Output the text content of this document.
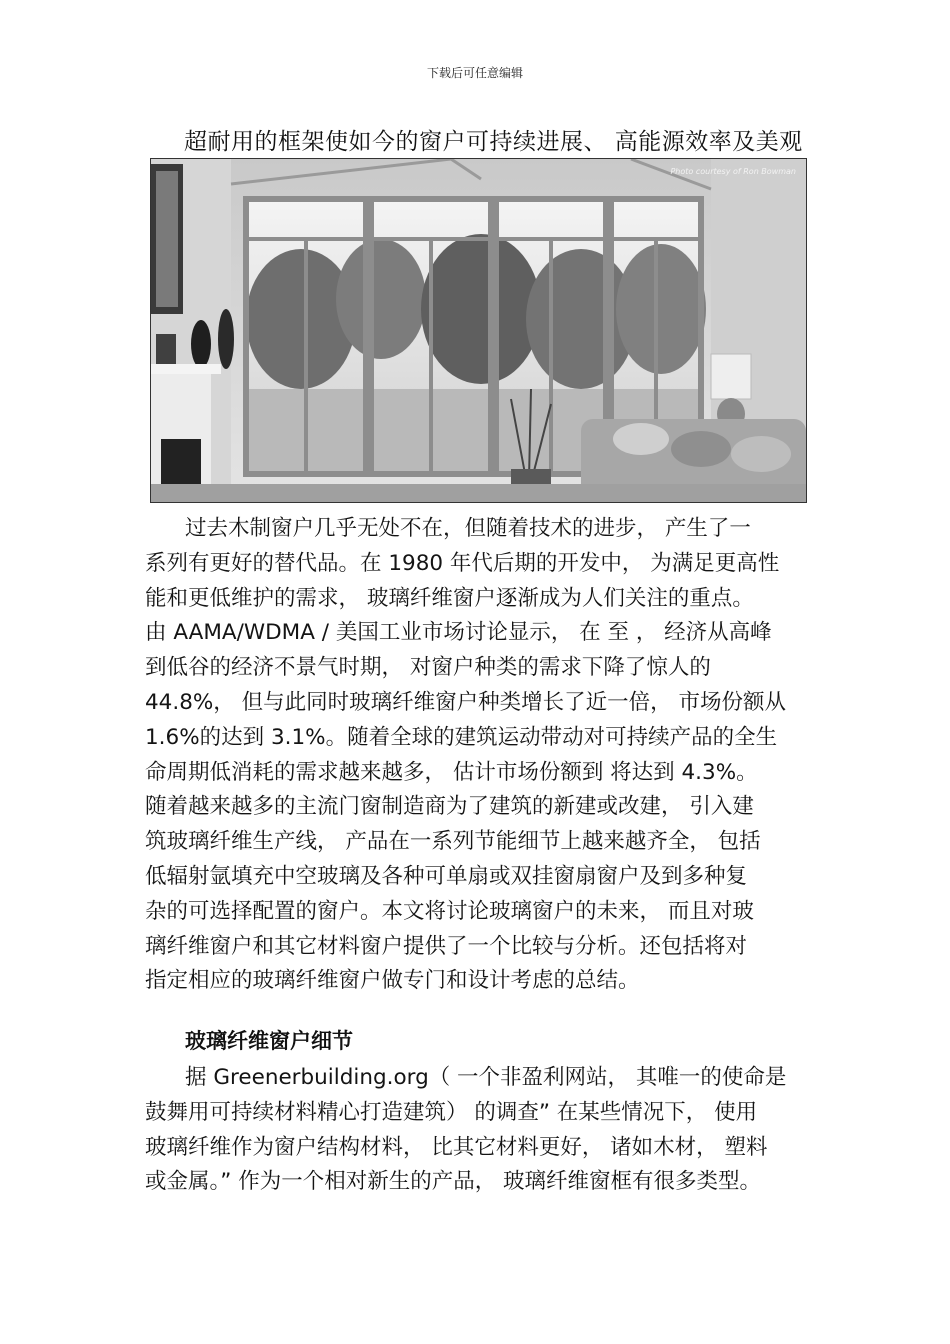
下载后可任意编辑
超耐用的框架使如今的窗户可持续进展、 高能源效率及美观
Photo courtesy of Ron Bowman
过去木制窗户几乎无处不在，但随着技术的进步， 产生了一
系列有更好的替代品。在 1980 年代后期的开发中， 为满足更高性
能和更低维护的需求， 玻璃纤维窗户逐渐成为人们关注的重点。
由 AAMA/WDMA / 美国工业市场讨论显示， 在 至 ， 经济从高峰
到低谷的经济不景气时期， 对窗户种类的需求下降了惊人的
44.8%， 但与此同时玻璃纤维窗户种类增长了近一倍， 市场份额从
1.6%的达到 3.1%。随着全球的建筑运动带动对可持续产品的全生
命周期低消耗的需求越来越多， 估计市场份额到 将达到 4.3%。
随着越来越多的主流门窗制造商为了建筑的新建或改建， 引入建
筑玻璃纤维生产线， 产品在一系列节能细节上越来越齐全， 包括
低辐射氩填充中空玻璃及各种可单扇或双挂窗扇窗户及到多种复
杂的可选择配置的窗户。本文将讨论玻璃窗户的未来， 而且对玻
璃纤维窗户和其它材料窗户提供了一个比较与分析。还包括将对
指定相应的玻璃纤维窗户做专门和设计考虑的总结。
玻璃纤维窗户细节
据 Greenerbuilding.org（ 一个非盈利网站， 其唯一的使命是
鼓舞用可持续材料精心打造建筑） 的调查” 在某些情况下， 使用
玻璃纤维作为窗户结构材料， 比其它材料更好， 诸如木材， 塑料
或金属。” 作为一个相对新生的产品， 玻璃纤维窗框有很多类型。
